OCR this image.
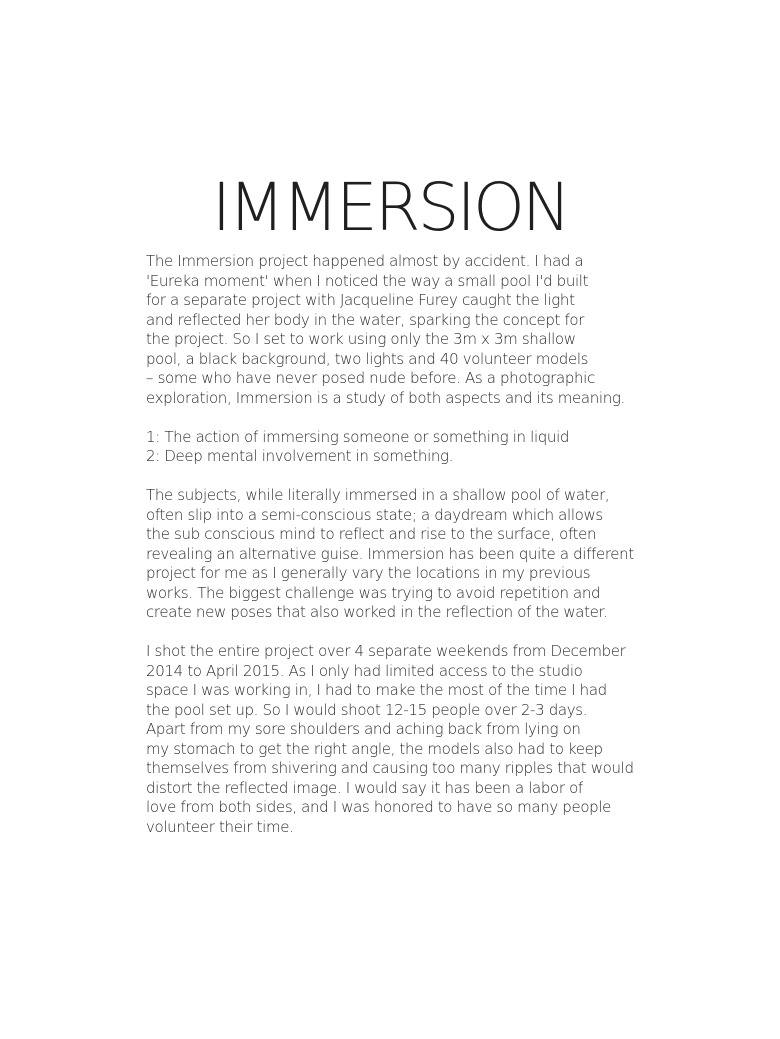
IMMERSION
The Immersion project happened almost by accident. I had a
'Eureka moment' when I noticed the way a small pool I'd built
for a separate project with Jacqueline Furey caught the light
and reflected her body in the water, sparking the concept for
the project. So I set to work using only the 3m x 3m shallow
pool, a black background, two lights and 40 volunteer models
– some who have never posed nude before. As a photographic
exploration, Immersion is a study of both aspects and its meaning.
1: The action of immersing someone or something in liquid
2: Deep mental involvement in something.
The subjects, while literally immersed in a shallow pool of water,
often slip into a semi-conscious state; a daydream which allows
the sub conscious mind to reflect and rise to the surface, often
revealing an alternative guise. Immersion has been quite a different
project for me as I generally vary the locations in my previous
works. The biggest challenge was trying to avoid repetition and
create new poses that also worked in the reflection of the water.
I shot the entire project over 4 separate weekends from December
2014 to April 2015. As I only had limited access to the studio
space I was working in, I had to make the most of the time I had
the pool set up. So I would shoot 12-15 people over 2-3 days.
Apart from my sore shoulders and aching back from lying on
my stomach to get the right angle, the models also had to keep
themselves from shivering and causing too many ripples that would
distort the reflected image. I would say it has been a labor of
love from both sides, and I was honored to have so many people
volunteer their time.
